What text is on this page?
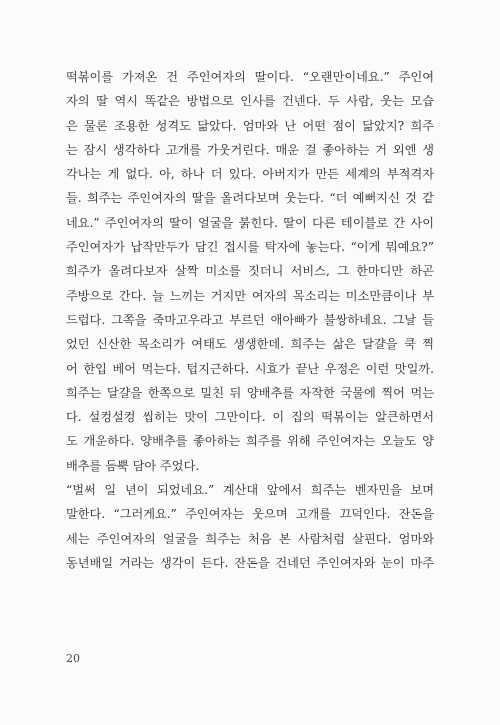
떡볶이를 가져온 건 주인여자의 딸이다. “오랜만이네요.” 주인여
자의 딸 역시 똑같은 방법으로 인사를 건넨다. 두 사람, 웃는 모습
은 물론 조용한 성격도 닮았다. 엄마와 난 어떤 점이 닮았지? 희주
는 잠시 생각하다 고개를 가웃거린다. 매운 걸 좋아하는 거 외엔 생
각나는 게 없다. 아, 하나 더 있다. 아버지가 만든 세계의 부적격자
들. 희주는 주인여자의 딸을 올려다보며 웃는다. “더 예뻐지신 것 같
네요.” 주인여자의 딸이 얼굴을 붉힌다. 딸이 다른 테이블로 간 사이
주인여자가 납작만두가 담긴 접시를 탁자에 놓는다. “이게 뭐예요?”
희주가 올려다보자 살짝 미소를 짓더니 서비스, 그 한마디만 하곤
주방으로 간다. 늘 느끼는 거지만 여자의 목소리는 미소만큼이나 부
드럽다. 그쪽을 죽마고우라고 부르던 애아빠가 불쌍하네요. 그날 들
었던 신산한 목소리가 여태도 생생한데. 희주는 삶은 달걀을 쿡 찍
어 한입 베어 먹는다. 텁지근하다. 시효가 끝난 우정은 이런 맛일까.
희주는 달걀을 한쪽으로 밀친 뒤 양배추를 자작한 국물에 찍어 먹는
다. 설컹설컹 씹히는 맛이 그만이다. 이 집의 떡볶이는 알큰하면서
도 개운하다. 양배추를 좋아하는 희주를 위해 주인여자는 오늘도 양
배추를 듬뿍 담아 주었다.
“벌써 일 년이 되었네요.” 계산대 앞에서 희주는 벤자민을 보며
말한다. “그러게요.” 주인여자는 웃으며 고개를 끄덕인다. 잔돈을
세는 주인여자의 얼굴을 희주는 처음 본 사람처럼 살핀다. 엄마와
동년배일 거라는 생각이 든다. 잔돈을 건네던 주인여자와 눈이 마주
20
